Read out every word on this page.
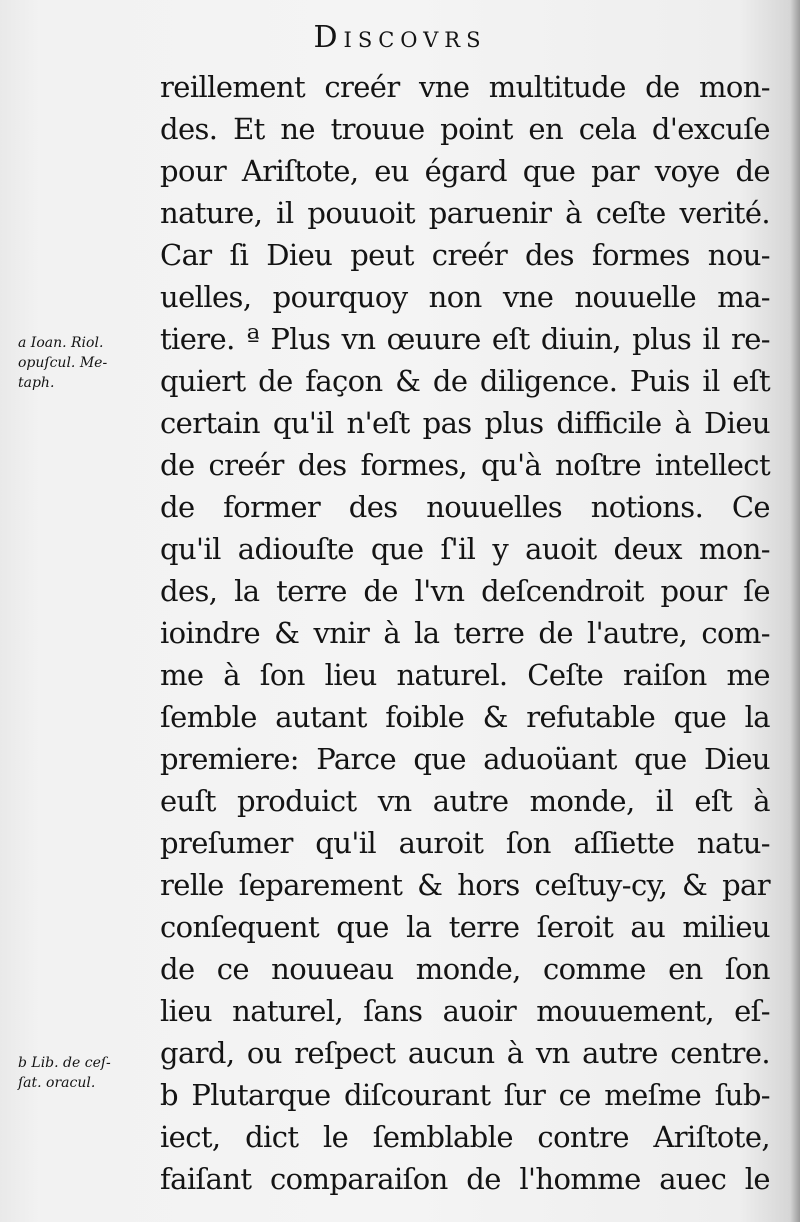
Discovrs
reillement creér vne multitude de mon-
des. Et ne trouue point en cela d'excuſe
pour Ariſtote, eu égard que par voye de
nature, il pouuoit paruenir à ceſte verité.
Car ſi Dieu peut creér des formes nou-
uelles, pourquoy non vne nouuelle ma-
tiere. ª Plus vn œuure eſt diuin, plus il re-
quiert de façon & de diligence. Puis il eſt
certain qu'il n'eſt pas plus difficile à Dieu
de creér des formes, qu'à noſtre intellect
de former des nouuelles notions. Ce
qu'il adiouſte que ſ'il y auoit deux mon-
des, la terre de l'vn deſcendroit pour ſe
ioindre & vnir à la terre de l'autre, com-
me à ſon lieu naturel. Ceſte raiſon me
ſemble autant foible & refutable que la
premiere: Parce que aduoüant que Dieu
euſt produict vn autre monde, il eſt à
preſumer qu'il auroit ſon aſſiette natu-
relle ſeparement & hors ceſtuy-cy, & par
conſequent que la terre ſeroit au milieu
de ce nouueau monde, comme en ſon
lieu naturel, ſans auoir mouuement, eſ-
gard, ou reſpect aucun à vn autre centre.
b Plutarque diſcourant ſur ce meſme ſub-
iect, dict le ſemblable contre Ariſtote,
faiſant comparaiſon de l'homme auec le
a Ioan. Riol.
opuſcul. Me-
taph.
b Lib. de ceſ-
ſat. oracul.
